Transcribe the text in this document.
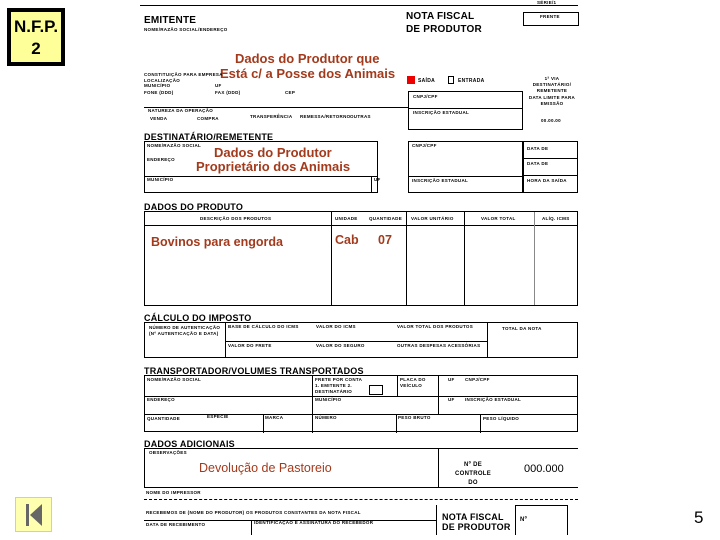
N.F.P.
2
SÉRIE/1
EMITENTE
NOME/RAZÃO SOCIAL/ENDEREÇO
NOTA FISCAL
DE PRODUTOR
FRENTE
Dados do Produtor que
Está c/ a Posse dos Animais
CONSTITUIÇÃO PARA EMPRESA
LOCALIZAÇÃO
MUNICÍPIO
FONE (DDD)
UF
FAX (DDD)	CEP
SAÍDA	ENTRADA
NATUREZA DA OPERAÇÃO
VENDA	COMPRA	TRANSFERÊNCIA REMESSA/RETORNO OUTRAS
CNPJ/CPF
INSCRIÇÃO ESTADUAL
1ª VIA DESTINATÁRIO/ REMETENTE
DATA LIMITE PARA EMISSÃO
00.00.00
DESTINATÁRIO/REMETENTE
NOME/RAZÃO SOCIAL
ENDEREÇO
MUNICÍPIO	UF
CNPJ/CPF
INSCRIÇÃO ESTADUAL
DATA DE
DATA DE
HORA DA SAÍDA
Dados do Produtor
Proprietário dos Animais
DADOS DO PRODUTO
DESCRIÇÃO DOS PRODUTOS	UNIDADE	QUANTIDADE VALOR UNITÁRIO	VALOR TOTAL	ALÍQ. ICMS
Bovinos para engorda	Cab 07
CÁLCULO DO IMPOSTO
NÚMERO DE AUTENTICAÇÃO (Nº AUTENTICAÇÃO E DATA)
BASE DE CÁLCULO DO ICMS	VALOR DO ICMS	VALOR TOTAL DOS PRODUTOS
VALOR DO FRETE	VALOR DO SEGURO	OUTRAS DESPESAS ACESSÓRIAS
TOTAL DA NOTA
TRANSPORTADOR/VOLUMES TRANSPORTADOS
NOME/RAZÃO SOCIAL	FRETE POR CONTA 1. EMITENTE 2. DESTINATÁRIO
PLACA DO VEÍCULO
UF CNPJ/CPF
ENDEREÇO	MUNICÍPIO	UF INSCRIÇÃO ESTADUAL
QUANTIDADE	ESPÉCIE	MARCA	NÚMERO	PESO BRUTO	PESO LÍQUIDO
DADOS ADICIONAIS
OBSERVAÇÕES
Nº DE CONTROLE DO
000.000
Devolução de Pastoreio
NOME DO IMPRESSOR
RECEBEMOS DE (NOME DO PRODUTOR) OS PRODUTOS CONSTANTES DA NOTA FISCAL
DATA DE RECEBIMENTO	IDENTIFICAÇÃO E ASSINATURA DO RECEBEDOR
NOTA FISCAL
DE PRODUTOR
Nº	5
